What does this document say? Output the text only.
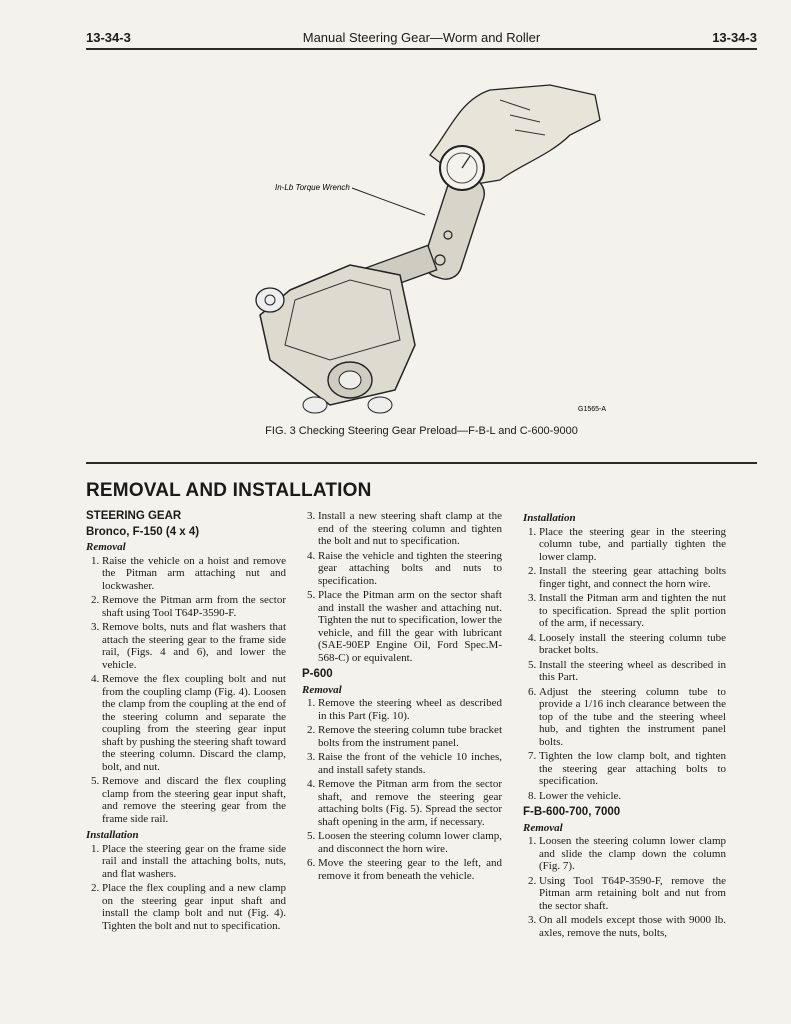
13-34-3	Manual Steering Gear—Worm and Roller	13-34-3
In-Lb Torque Wrench
G1565-A
FIG. 3 Checking Steering Gear Preload—F-B-L and C-600-9000
REMOVAL AND INSTALLATION
STEERING GEAR
Bronco, F-150 (4 x 4)
Removal
1. Raise the vehicle on a hoist and remove the Pitman arm attaching nut and lockwasher.
2. Remove the Pitman arm from the sector shaft using Tool T64P-3590-F.
3. Remove bolts, nuts and flat washers that attach the steering gear to the frame side rail, (Figs. 4 and 6), and lower the vehicle.
4. Remove the flex coupling bolt and nut from the coupling clamp (Fig. 4). Loosen the clamp from the coupling at the end of the steering column and separate the coupling from the steering gear input shaft by pushing the steering shaft toward the steering column. Discard the clamp, bolt, and nut.
5. Remove and discard the flex coupling clamp from the steering gear input shaft, and remove the steering gear from the frame side rail.
Installation
1. Place the steering gear on the frame side rail and install the attaching bolts, nuts, and flat washers.
2. Place the flex coupling and a new clamp on the steering gear input shaft and install the clamp bolt and nut (Fig. 4). Tighten the bolt and nut to specification.
3. Install a new steering shaft clamp at the end of the steering column and tighten the bolt and nut to specification.
4. Raise the vehicle and tighten the steering gear attaching bolts and nuts to specification.
5. Place the Pitman arm on the sector shaft and install the washer and attaching nut. Tighten the nut to specification, lower the vehicle, and fill the gear with lubricant (SAE-90EP Engine Oil, Ford Spec.M-568-C) or equivalent.
P-600
Removal
1. Remove the steering wheel as described in this Part (Fig. 10).
2. Remove the steering column tube bracket bolts from the instrument panel.
3. Raise the front of the vehicle 10 inches, and install safety stands.
4. Remove the Pitman arm from the sector shaft, and remove the steering gear attaching bolts (Fig. 5). Spread the sector shaft opening in the arm, if necessary.
5. Loosen the steering column lower clamp, and disconnect the horn wire.
6. Move the steering gear to the left, and remove it from beneath the vehicle.
Installation
1. Place the steering gear in the steering column tube, and partially tighten the lower clamp.
2. Install the steering gear attaching bolts finger tight, and connect the horn wire.
3. Install the Pitman arm and tighten the nut to specification. Spread the split portion of the arm, if necessary.
4. Loosely install the steering column tube bracket bolts.
5. Install the steering wheel as described in this Part.
6. Adjust the steering column tube to provide a 1/16 inch clearance between the top of the tube and the steering wheel hub, and tighten the instrument panel bolts.
7. Tighten the low clamp bolt, and tighten the steering gear attaching bolts to specification.
8. Lower the vehicle.
F-B-600-700, 7000
Removal
1. Loosen the steering column lower clamp and slide the clamp down the column (Fig. 7).
2. Using Tool T64P-3590-F, remove the Pitman arm retaining bolt and nut from the sector shaft.
3. On all models except those with 9000 lb. axles, remove the nuts, bolts,
